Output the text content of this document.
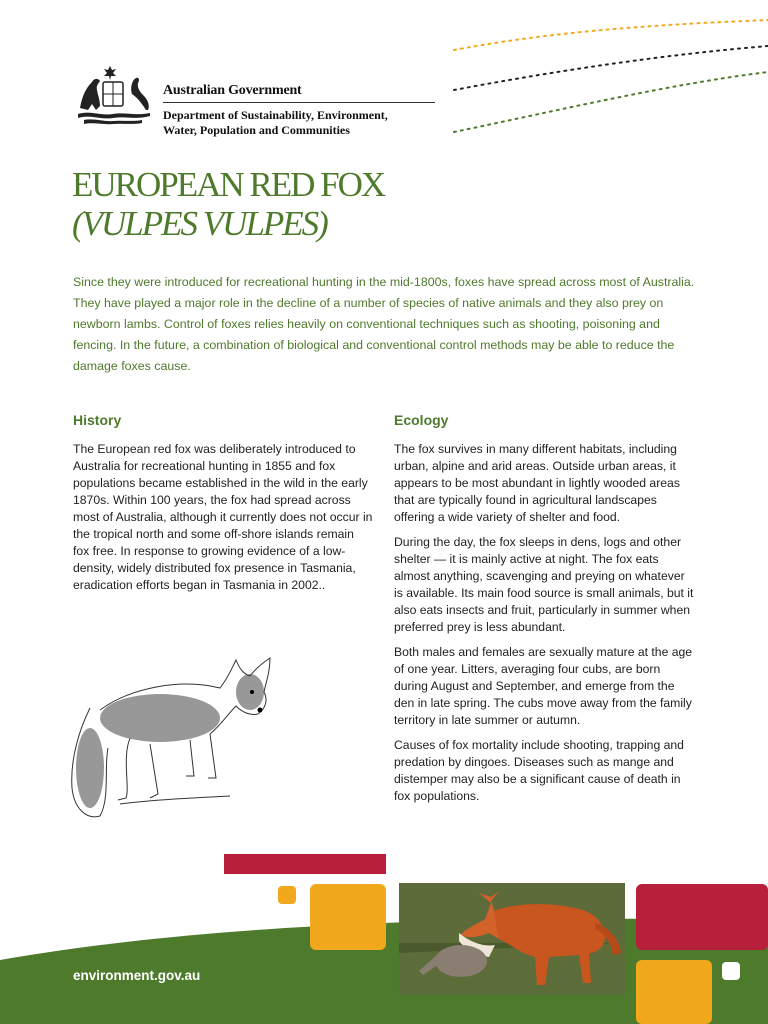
Australian Government
Department of Sustainability, Environment,
Water, Population and Communities
EUROPEAN RED FOX
(VULPES VULPES)
Since they were introduced for recreational hunting in the mid-1800s, foxes have spread across most of Australia. They have played a major role in the decline of a number of species of native animals and they also prey on newborn lambs. Control of foxes relies heavily on conventional techniques such as shooting, poisoning and fencing. In the future, a combination of biological and conventional control methods may be able to reduce the damage foxes cause.
History
The European red fox was deliberately introduced to Australia for recreational hunting in 1855 and fox populations became established in the wild in the early 1870s. Within 100 years, the fox had spread across most of Australia, although it currently does not occur in the tropical north and some off-shore islands remain fox free. In response to growing evidence of a low-density, widely distributed fox presence in Tasmania, eradication efforts began in Tasmania in 2002..
Ecology

The fox survives in many different habitats, including urban, alpine and arid areas. Outside urban areas, it appears to be most abundant in lightly wooded areas that are typically found in agricultural landscapes offering a wide variety of shelter and food.

During the day, the fox sleeps in dens, logs and other shelter — it is mainly active at night. The fox eats almost anything, scavenging and preying on whatever is available. Its main food source is small animals, but it also eats insects and fruit, particularly in summer when preferred prey is less abundant.

Both males and females are sexually mature at the age of one year. Litters, averaging four cubs, are born during August and September, and emerge from the den in late spring. The cubs move away from the family territory in late summer or autumn.

Causes of fox mortality include shooting, trapping and predation by dingoes. Diseases such as mange and distemper may also be a significant cause of death in fox populations.

environment.gov.au
